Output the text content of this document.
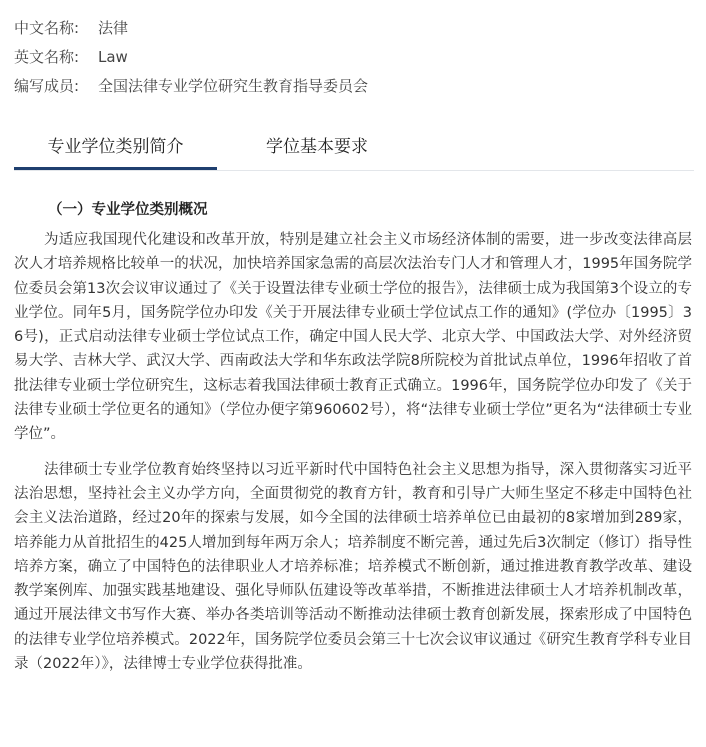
中文名称: 法律
英文名称: Law
编写成员: 全国法律专业学位研究生教育指导委员会
专业学位类别简介	学位基本要求
（一）专业学位类别概况

为适应我国现代化建设和改革开放，特别是建立社会主义市场经济体制的需要，进一步改变法律高层次人才培养规格比较单一的状况，加快培养国家急需的高层次法治专门人才和管理人才，1995年国务院学位委员会第13次会议审议通过了《关于设置法律专业硕士学位的报告》，法律硕士成为我国第3个设立的专业学位。同年5月，国务院学位办印发《关于开展法律专业硕士学位试点工作的通知》(学位办〔1995〕36号)，正式启动法律专业硕士学位试点工作，确定中国人民大学、北京大学、中国政法大学、对外经济贸易大学、吉林大学、武汉大学、西南政法大学和华东政法学院8所院校为首批试点单位，1996年招收了首批法律专业硕士学位研究生，这标志着我国法律硕士教育正式确立。1996年，国务院学位办印发了《关于法律专业硕士学位更名的通知》（学位办便字第960602号），将“法律专业硕士学位”更名为“法律硕士专业学位”。

法律硕士专业学位教育始终坚持以习近平新时代中国特色社会主义思想为指导，深入贯彻落实习近平法治思想，坚持社会主义办学方向，全面贯彻党的教育方针，教育和引导广大师生坚定不移走中国特色社会主义法治道路，经过20年的探索与发展，如今全国的法律硕士培养单位已由最初的8家增加到289家，培养能力从首批招生的425人增加到每年两万余人；培养制度不断完善，通过先后3次制定（修订）指导性培养方案，确立了中国特色的法律职业人才培养标准；培养模式不断创新，通过推进教育教学改革、建设教学案例库、加强实践基地建设、强化导师队伍建设等改革举措，不断推进法律硕士人才培养机制改革，通过开展法律文书写作大赛、举办各类培训等活动不断推动法律硕士教育创新发展，探索形成了中国特色的法律专业学位培养模式。2022年，国务院学位委员会第三十七次会议审议通过《研究生教育学科专业目录（2022年）》，法律博士专业学位获得批准。
